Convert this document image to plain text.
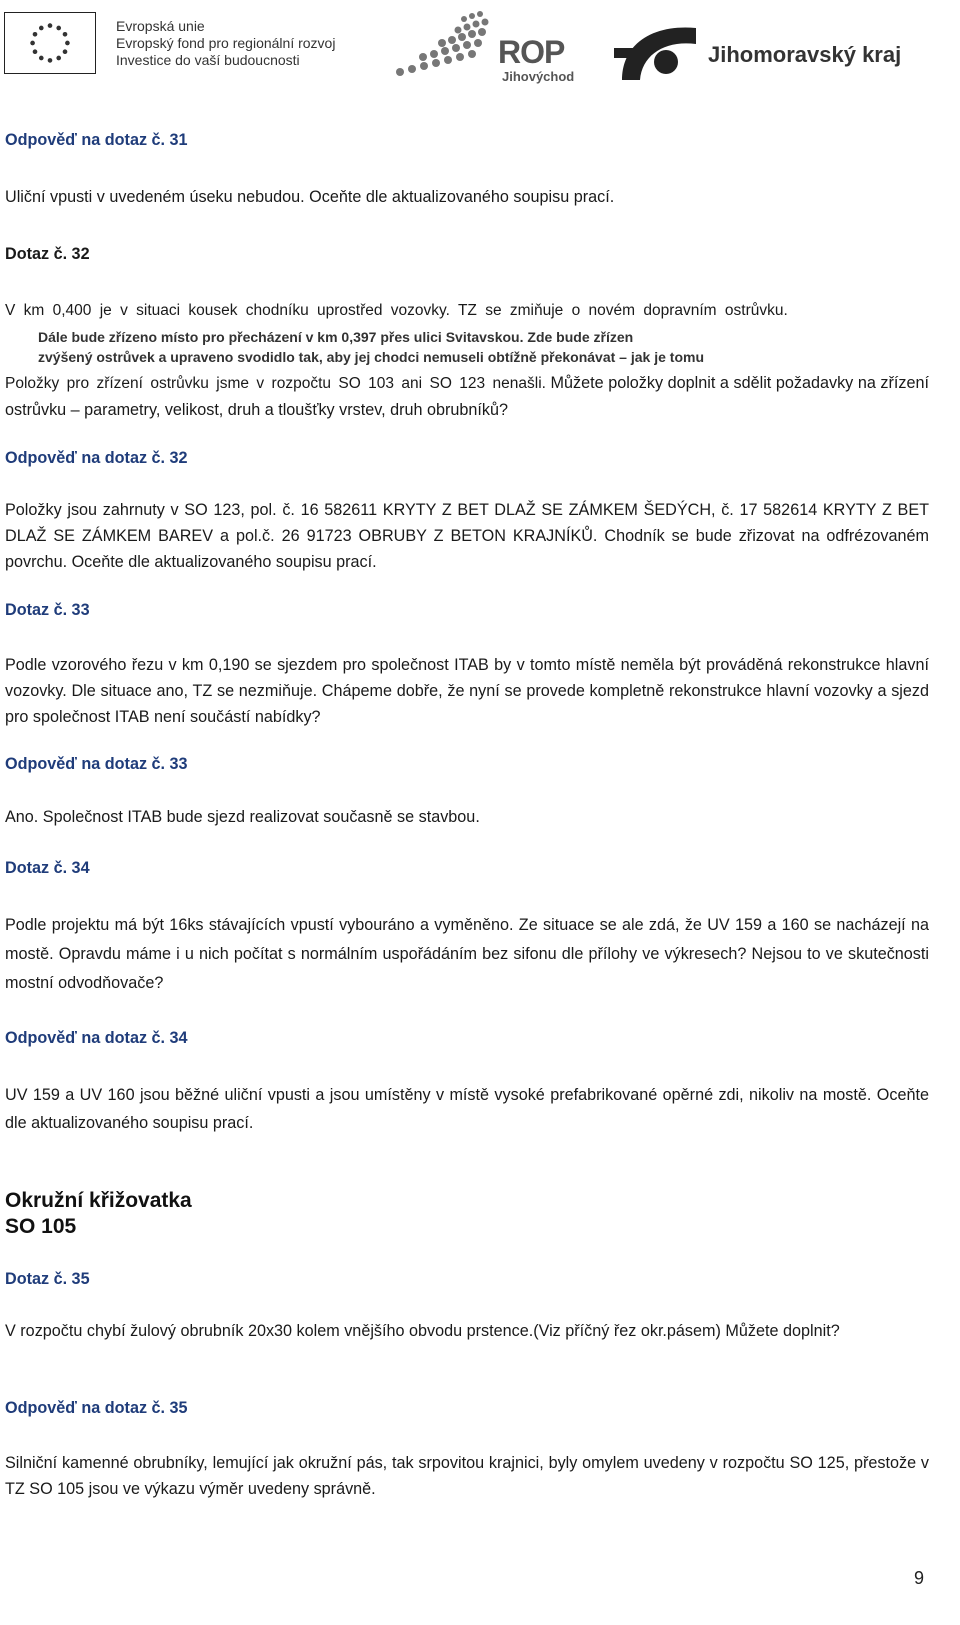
Evropská unie
Evropský fond pro regionální rozvoj
Investice do vaší budoucnosti	ROP
Jihovýchod
Jihomoravský kraj
Odpověď na dotaz č. 31
Uliční vpusti v uvedeném úseku nebudou. Oceňte dle aktualizovaného soupisu prací.
Dotaz č. 32
V km 0,400 je v situaci kousek chodníku uprostřed vozovky. TZ se zmiňuje o novém dopravním ostrůvku.
Dále bude zřízeno místo pro přecházení v km 0,397 přes ulici Svitavskou. Zde bude zřízen
zvýšený ostrůvek a upraveno svodidlo tak, aby jej chodci nemuseli obtížně překonávat – jak je tomu
Položky pro zřízení ostrůvku jsme v rozpočtu SO 103 ani SO 123 nenašli. Můžete položky doplnit a sdělit požadavky na zřízení ostrůvku – parametry, velikost, druh a tloušťky vrstev, druh obrubníků?
Odpověď na dotaz č. 32
Položky jsou zahrnuty v SO 123, pol. č. 16 582611 KRYTY Z BET DLAŽ SE ZÁMKEM ŠEDÝCH, č. 17 582614 KRYTY Z BET DLAŽ SE ZÁMKEM BAREV a pol.č. 26 91723 OBRUBY Z BETON KRAJNÍKŮ. Chodník se bude zřizovat na odfrézovaném povrchu. Oceňte dle aktualizovaného soupisu prací.
Dotaz č. 33
Podle vzorového řezu v km 0,190 se sjezdem pro společnost ITAB by v tomto místě neměla být prováděná rekonstrukce hlavní vozovky. Dle situace ano, TZ se nezmiňuje. Chápeme dobře, že nyní se provede kompletně rekonstrukce hlavní vozovky a sjezd pro společnost ITAB není součástí nabídky?
Odpověď na dotaz č. 33
Ano. Společnost ITAB bude sjezd realizovat současně se stavbou.
Dotaz č. 34
Podle projektu má být 16ks stávajících vpustí vybouráno a vyměněno. Ze situace se ale zdá, že UV 159 a 160 se nacházejí na mostě. Opravdu máme i u nich počítat s normálním uspořádáním bez sifonu dle přílohy ve výkresech? Nejsou to ve skutečnosti mostní odvodňovače?
Odpověď na dotaz č. 34
UV 159 a UV 160 jsou běžné uliční vpusti a jsou umístěny v místě vysoké prefabrikované opěrné zdi, nikoliv na mostě. Oceňte dle aktualizovaného soupisu prací.
Okružní křižovatka
SO 105
Dotaz č. 35
V rozpočtu chybí žulový obrubník 20x30 kolem vnějšího obvodu prstence.(Viz příčný řez okr.pásem) Můžete doplnit?
Odpověď na dotaz č. 35
Silniční kamenné obrubníky, lemující jak okružní pás, tak srpovitou krajnici, byly omylem uvedeny v rozpočtu SO 125, přestože v TZ SO 105 jsou ve výkazu výměr uvedeny správně.
9
